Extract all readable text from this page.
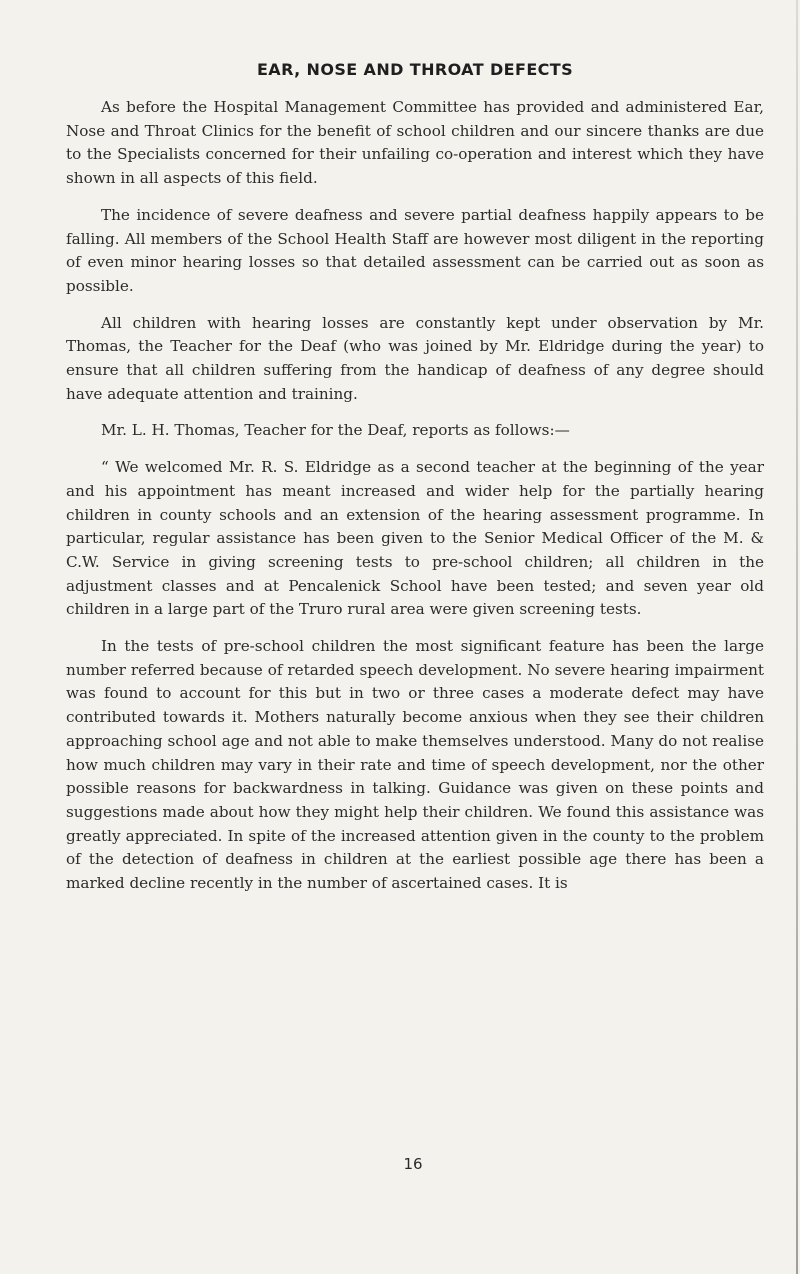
EAR, NOSE AND THROAT DEFECTS

As before the Hospital Management Committee has provided and administered Ear, Nose and Throat Clinics for the benefit of school children and our sincere thanks are due to the Specialists concerned for their unfailing co-operation and interest which they have shown in all aspects of this field.

The incidence of severe deafness and severe partial deafness happily appears to be falling. All members of the School Health Staff are however most diligent in the reporting of even minor hearing losses so that detailed assessment can be carried out as soon as possible.

All children with hearing losses are constantly kept under observation by Mr. Thomas, the Teacher for the Deaf (who was joined by Mr. Eldridge during the year) to ensure that all children suffering from the handicap of deafness of any degree should have adequate attention and training.

Mr. L. H. Thomas, Teacher for the Deaf, reports as follows:—

“ We welcomed Mr. R. S. Eldridge as a second teacher at the beginning of the year and his appointment has meant increased and wider help for the partially hearing children in county schools and an extension of the hearing assessment programme. In particular, regular assistance has been given to the Senior Medical Officer of the M. & C.W. Service in giving screening tests to pre-school children; all children in the adjustment classes and at Pencalenick School have been tested; and seven year old children in a large part of the Truro rural area were given screening tests.

In the tests of pre-school children the most significant feature has been the large number referred because of retarded speech development. No severe hearing impairment was found to account for this but in two or three cases a moderate defect may have contributed towards it. Mothers naturally become anxious when they see their children approaching school age and not able to make themselves understood. Many do not realise how much children may vary in their rate and time of speech development, nor the other possible reasons for backwardness in talking. Guidance was given on these points and suggestions made about how they might help their children. We found this assistance was greatly appreciated. In spite of the increased attention given in the county to the problem of the detection of deafness in children at the earliest possible age there has been a marked decline recently in the number of ascertained cases. It is

16
